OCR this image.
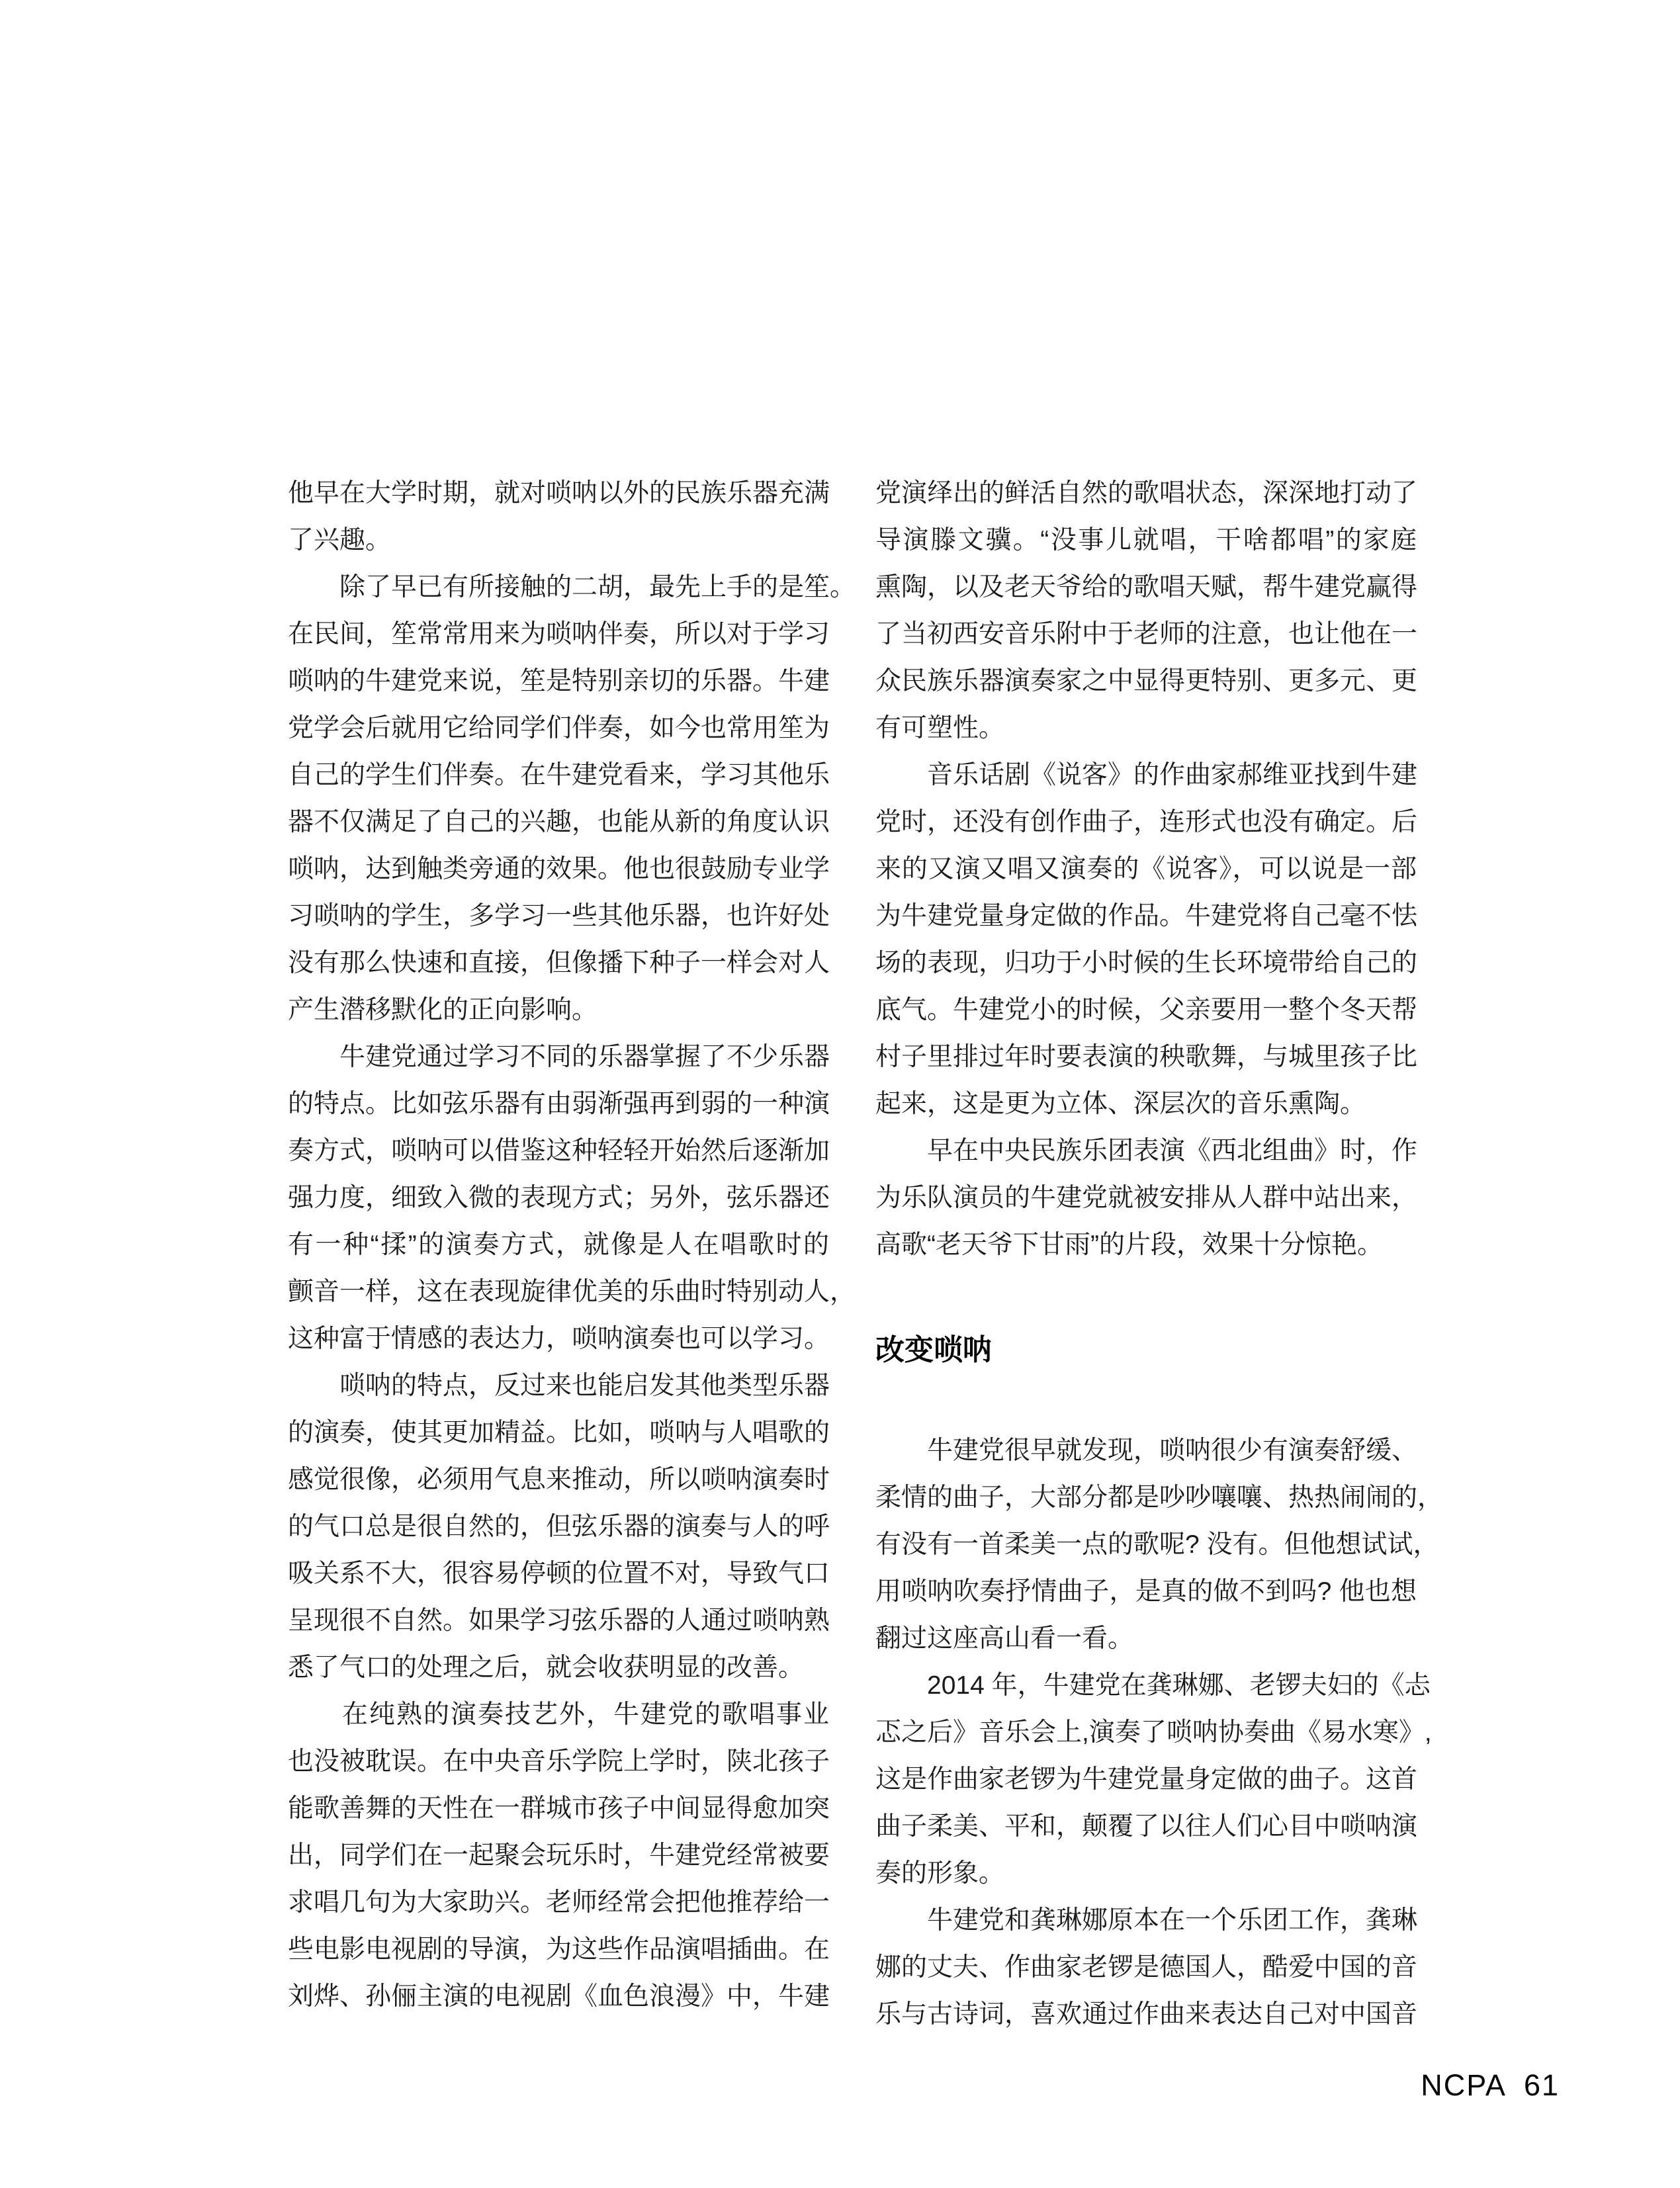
他早在大学时期，就对唢呐以外的民族乐器充满
了兴趣。
　　除了早已有所接触的二胡，最先上手的是笙。
在民间，笙常常用来为唢呐伴奏，所以对于学习
唢呐的牛建党来说，笙是特别亲切的乐器。牛建
党学会后就用它给同学们伴奏，如今也常用笙为
自己的学生们伴奏。在牛建党看来，学习其他乐
器不仅满足了自己的兴趣，也能从新的角度认识
唢呐，达到触类旁通的效果。他也很鼓励专业学
习唢呐的学生，多学习一些其他乐器，也许好处
没有那么快速和直接，但像播下种子一样会对人
产生潜移默化的正向影响。
　　牛建党通过学习不同的乐器掌握了不少乐器
的特点。比如弦乐器有由弱渐强再到弱的一种演
奏方式，唢呐可以借鉴这种轻轻开始然后逐渐加
强力度，细致入微的表现方式；另外，弦乐器还
有一种“揉”的演奏方式，就像是人在唱歌时的
颤音一样，这在表现旋律优美的乐曲时特别动人，
这种富于情感的表达力，唢呐演奏也可以学习。
　　唢呐的特点，反过来也能启发其他类型乐器
的演奏，使其更加精益。比如，唢呐与人唱歌的
感觉很像，必须用气息来推动，所以唢呐演奏时
的气口总是很自然的，但弦乐器的演奏与人的呼
吸关系不大，很容易停顿的位置不对，导致气口
呈现很不自然。如果学习弦乐器的人通过唢呐熟
悉了气口的处理之后，就会收获明显的改善。
　　在纯熟的演奏技艺外，牛建党的歌唱事业
也没被耽误。在中央音乐学院上学时，陕北孩子
能歌善舞的天性在一群城市孩子中间显得愈加突
出，同学们在一起聚会玩乐时，牛建党经常被要
求唱几句为大家助兴。老师经常会把他推荐给一
些电影电视剧的导演，为这些作品演唱插曲。在
刘烨、孙俪主演的电视剧《血色浪漫》中，牛建
党演绎出的鲜活自然的歌唱状态，深深地打动了
导演滕文骥。“没事儿就唱，干啥都唱”的家庭
熏陶，以及老天爷给的歌唱天赋，帮牛建党赢得
了当初西安音乐附中于老师的注意，也让他在一
众民族乐器演奏家之中显得更特别、更多元、更
有可塑性。
　　音乐话剧《说客》的作曲家郝维亚找到牛建
党时，还没有创作曲子，连形式也没有确定。后
来的又演又唱又演奏的《说客》，可以说是一部
为牛建党量身定做的作品。牛建党将自己毫不怯
场的表现，归功于小时候的生长环境带给自己的
底气。牛建党小的时候，父亲要用一整个冬天帮
村子里排过年时要表演的秧歌舞，与城里孩子比
起来，这是更为立体、深层次的音乐熏陶。
　　早在中央民族乐团表演《西北组曲》时，作
为乐队演员的牛建党就被安排从人群中站出来，
高歌“老天爷下甘雨”的片段，效果十分惊艳。
改变唢呐
　　牛建党很早就发现，唢呐很少有演奏舒缓、
柔情的曲子，大部分都是吵吵嚷嚷、热热闹闹的，
有没有一首柔美一点的歌呢? 没有。但他想试试，
用唢呐吹奏抒情曲子，是真的做不到吗? 他也想
翻过这座高山看一看。
　　2014 年，牛建党在龚琳娜、老锣夫妇的《忐
忑之后》音乐会上,演奏了唢呐协奏曲《易水寒》,
这是作曲家老锣为牛建党量身定做的曲子。这首
曲子柔美、平和，颠覆了以往人们心目中唢呐演
奏的形象。
　　牛建党和龚琳娜原本在一个乐团工作，龚琳
娜的丈夫、作曲家老锣是德国人，酷爱中国的音
乐与古诗词，喜欢通过作曲来表达自己对中国音
NCPA 61
